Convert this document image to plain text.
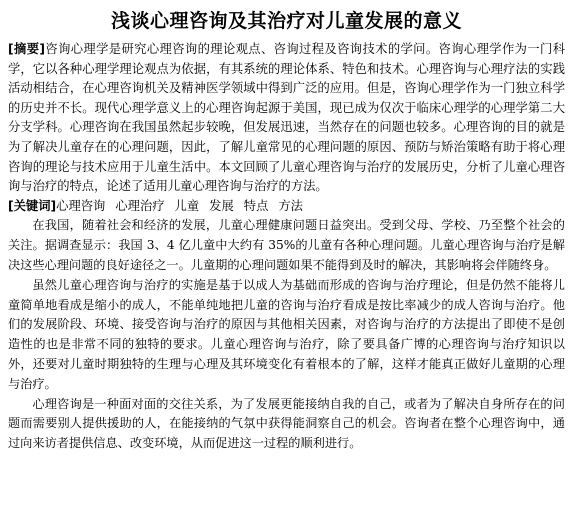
浅谈心理咨询及其治疗对儿童发展的意义

[摘要]咨询心理学是研究心理咨询的理论观点、咨询过程及咨询技术的学问。咨询心理学作为一门科学，它以各种心理学理论观点为依据，有其系统的理论体系、特色和技术。心理咨询与心理疗法的实践活动相结合，在心理咨询机关及精神医学领域中得到广泛的应用。但是，咨询心理学作为一门独立科学的历史并不长。现代心理学意义上的心理咨询起源于美国，现已成为仅次于临床心理学的心理学第二大分支学科。心理咨询在我国虽然起步较晚，但发展迅速，当然存在的问题也较多。心理咨询的目的就是为了解决儿童存在的心理问题，因此，了解儿童常见的心理问题的原因、预防与矫治策略有助于将心理咨询的理论与技术应用于儿童生活中。本文回顾了儿童心理咨询与治疗的发展历史，分析了儿童心理咨询与治疗的特点，论述了适用儿童心理咨询与治疗的方法。

[关键词]心理咨询 心理治疗 儿童 发展 特点 方法

在我国，随着社会和经济的发展，儿童心理健康问题日益突出。受到父母、学校、乃至整个社会的关注。据调查显示：我国 3、4 亿儿童中大约有 35%的儿童有各种心理问题。儿童心理咨询与治疗是解决这些心理问题的良好途径之一。儿童期的心理问题如果不能得到及时的解决，其影响将会伴随终身。

虽然儿童心理咨询与治疗的实施是基于以成人为基础而形成的咨询与治疗理论，但是仍然不能将儿童简单地看成是缩小的成人，不能单纯地把儿童的咨询与治疗看成是按比率减少的成人咨询与治疗。他们的发展阶段、环境、接受咨询与治疗的原因与其他相关因素，对咨询与治疗的方法提出了即使不是创造性的也是非常不同的独特的要求。儿童心理咨询与治疗，除了要具备广博的心理咨询与治疗知识以外，还要对儿童时期独特的生理与心理及其环境变化有着根本的了解，这样才能真正做好儿童期的心理与治疗。

心理咨询是一种面对面的交往关系，为了发展更能接纳自我的自己，或者为了解决自身所存在的问题而需要别人提供援助的人，在能接纳的气氛中获得能洞察自己的机会。咨询者在整个心理咨询中，通过向来访者提供信息、改变环境，从而促进这一过程的顺利进行。
